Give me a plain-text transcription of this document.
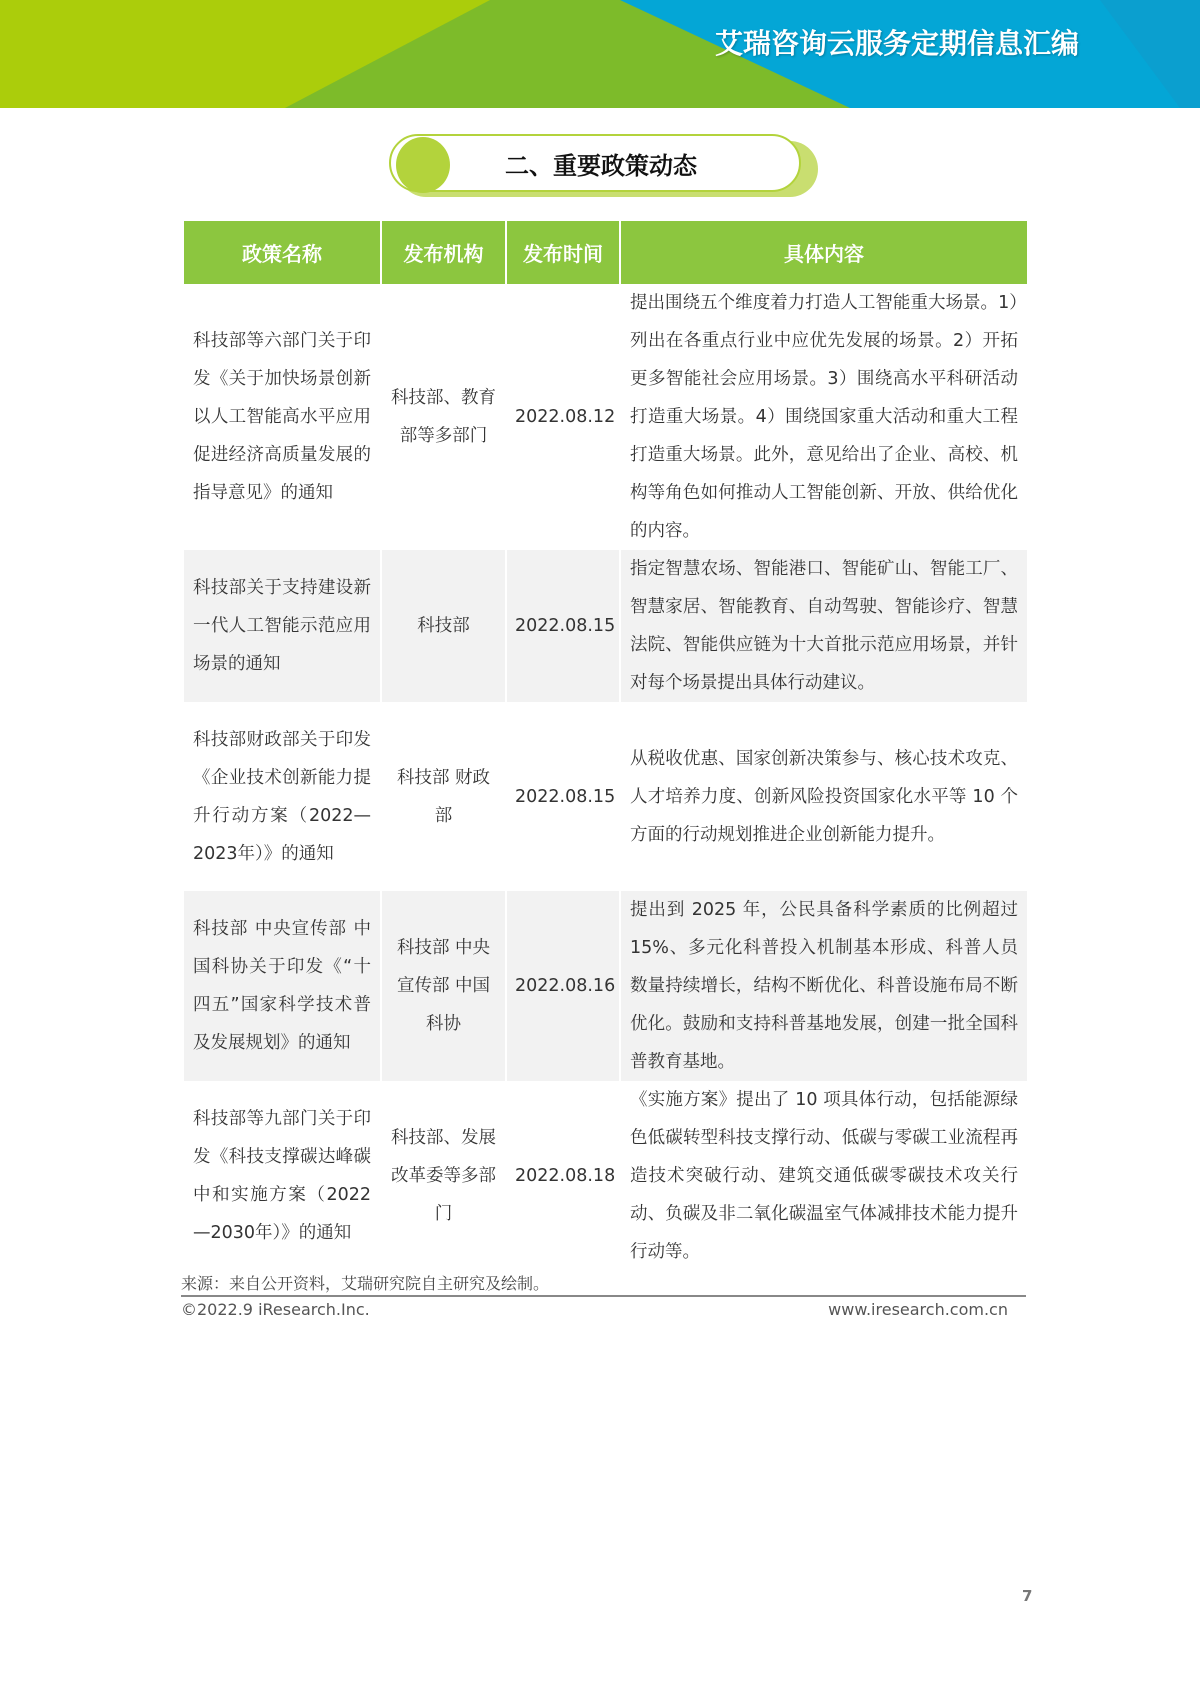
艾瑞咨询云服务定期信息汇编
二、重要政策动态
政策名称	发布机构	发布时间	具体内容
科技部等六部门关于印发《关于加快场景创新以人工智能高水平应用促进经济高质量发展的指导意见》的通知	科技部、教育部等多部门	2022.08.12	提出围绕五个维度着力打造人工智能重大场景。1）列出在各重点行业中应优先发展的场景。2）开拓更多智能社会应用场景。3）围绕高水平科研活动打造重大场景。4）围绕国家重大活动和重大工程打造重大场景。此外，意见给出了企业、高校、机构等角色如何推动人工智能创新、开放、供给优化的内容。
科技部关于支持建设新一代人工智能示范应用场景的通知	科技部	2022.08.15	指定智慧农场、智能港口、智能矿山、智能工厂、智慧家居、智能教育、自动驾驶、智能诊疗、智慧法院、智能供应链为十大首批示范应用场景，并针对每个场景提出具体行动建议。
科技部财政部关于印发《企业技术创新能力提升行动方案（2022—2023年）》的通知	科技部 财政部	2022.08.15	从税收优惠、国家创新决策参与、核心技术攻克、人才培养力度、创新风险投资国家化水平等 10 个方面的行动规划推进企业创新能力提升。
科技部 中央宣传部 中国科协关于印发《“十四五”国家科学技术普及发展规划》的通知	科技部 中央宣传部 中国科协	2022.08.16	提出到 2025 年，公民具备科学素质的比例超过15%、多元化科普投入机制基本形成、科普人员数量持续增长，结构不断优化、科普设施布局不断优化。鼓励和支持科普基地发展，创建一批全国科普教育基地。
科技部等九部门关于印发《科技支撑碳达峰碳中和实施方案（2022—2030年）》的通知	科技部、发展改革委等多部门	2022.08.18	《实施方案》提出了 10 项具体行动，包括能源绿色低碳转型科技支撑行动、低碳与零碳工业流程再造技术突破行动、建筑交通低碳零碳技术攻关行动、负碳及非二氧化碳温室气体减排技术能力提升行动等。
来源：来自公开资料，艾瑞研究院自主研究及绘制。
©2022.9 iResearch.Inc.	www.iresearch.com.cn
7
